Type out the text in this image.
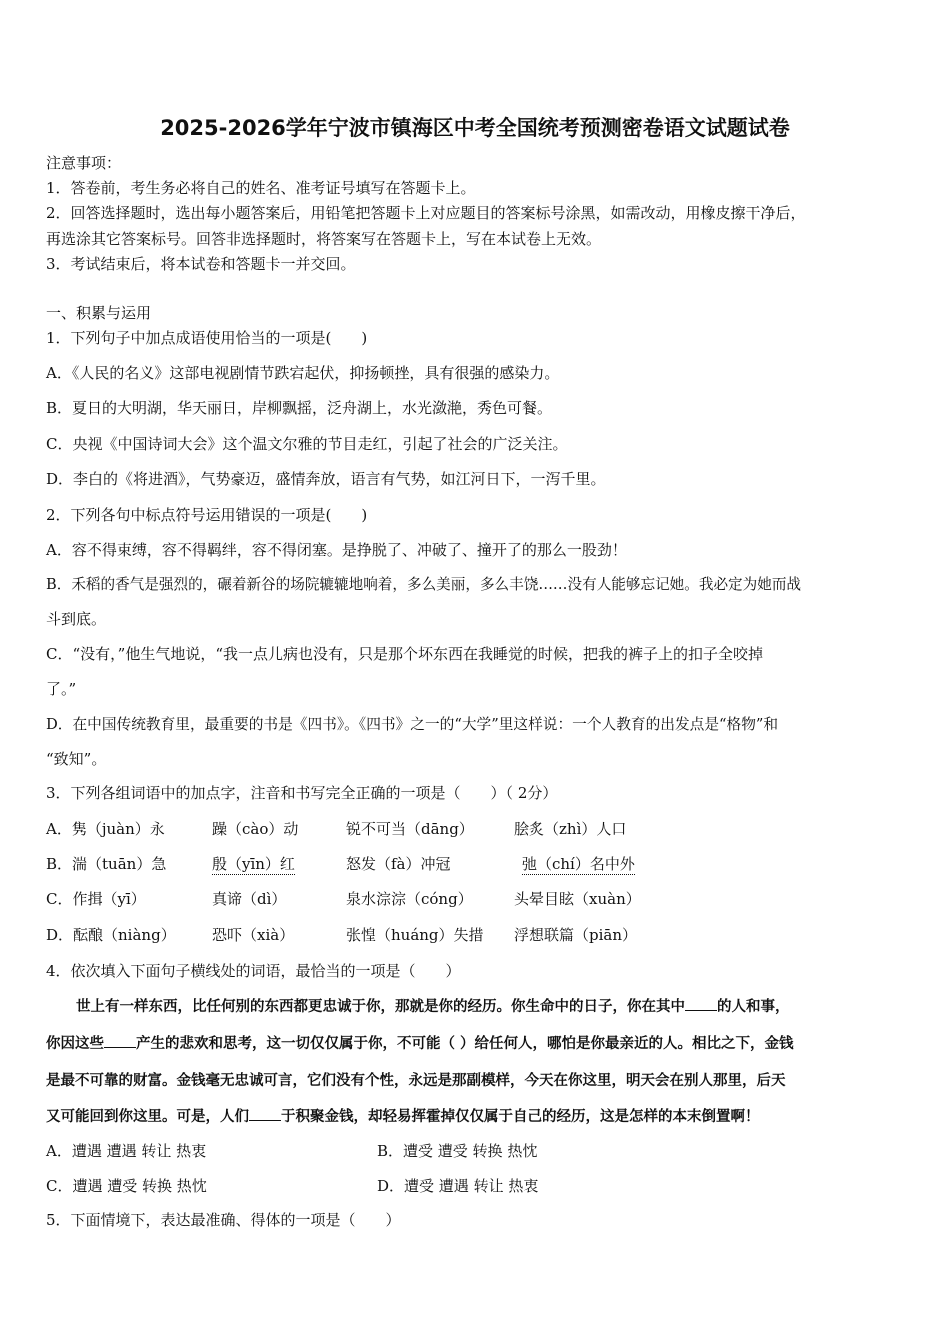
2025-2026学年宁波市镇海区中考全国统考预测密卷语文试题试卷
注意事项：
1．答卷前，考生务必将自己的姓名、准考证号填写在答题卡上。
2．回答选择题时，选出每小题答案后，用铅笔把答题卡上对应题目的答案标号涂黑，如需改动，用橡皮擦干净后，
再选涂其它答案标号。回答非选择题时，将答案写在答题卡上，写在本试卷上无效。
3．考试结束后，将本试卷和答题卡一并交回。
一、积累与运用
1．下列句子中加点成语使用恰当的一项是(　　)
A．《人民的名义》这部电视剧情节跌宕起伏，抑扬顿挫，具有很强的感染力。
B．夏日的大明湖，华天丽日，岸柳飘摇，泛舟湖上，水光潋滟，秀色可餐。
C．央视《中国诗词大会》这个温文尔雅的节目走红，引起了社会的广泛关注。
D．李白的《将进酒》，气势豪迈，盛情奔放，语言有气势，如江河日下，一泻千里。
2．下列各句中标点符号运用错误的一项是(　　)
A．容不得束缚，容不得羁绊，容不得闭塞。是挣脱了、冲破了、撞开了的那么一股劲！
B．禾稻的香气是强烈的，碾着新谷的场院辘辘地响着，多么美丽，多么丰饶……没有人能够忘记她。我必定为她而战
斗到底。
C．“没有，”他生气地说，“我一点儿病也没有，只是那个坏东西在我睡觉的时候，把我的裤子上的扣子全咬掉
了。”
D．在中国传统教育里，最重要的书是《四书》。《四书》之一的“大学”里这样说：一个人教育的出发点是“格物”和
“致知”。
3．下列各组词语中的加点字，注音和书写完全正确的一项是（　　）（ 2分）
A．隽（juàn）永	躁（cào）动	锐不可当（dāng）	脍炙（zhì）人口
B．湍（tuān）急	殷（yīn）红	怒发（fà）冲冠	弛（chí）名中外
C．作揖（yī）	真谛（dì）	泉水淙淙（cóng）	头晕目眩（xuàn）
D．酝酿（niàng） 恐吓（xià）	张惶（huáng）失措 浮想联篇（piān）
4．依次填入下面句子横线处的词语，最恰当的一项是（　　）
世上有一样东西，比任何别的东西都更忠诚于你，那就是你的经历。你生命中的日子，你在其中 的人和事，
你因这些 产生的悲欢和思考，这一切仅仅属于你，不可能（ ）给任何人，哪怕是你最亲近的人。相比之下，金钱
是最不可靠的财富。金钱毫无忠诚可言，它们没有个性，永远是那副模样，今天在你这里，明天会在别人那里，后天
又可能回到你这里。可是，人们 于积聚金钱，却轻易挥霍掉仅仅属于自己的经历，这是怎样的本末倒置啊！
A．遭遇 遭遇 转让 热衷	B．遭受 遭受 转换 热忱
C．遭遇 遭受 转换 热忱	D．遭受 遭遇 转让 热衷
5．下面情境下，表达最准确、得体的一项是（　　）
